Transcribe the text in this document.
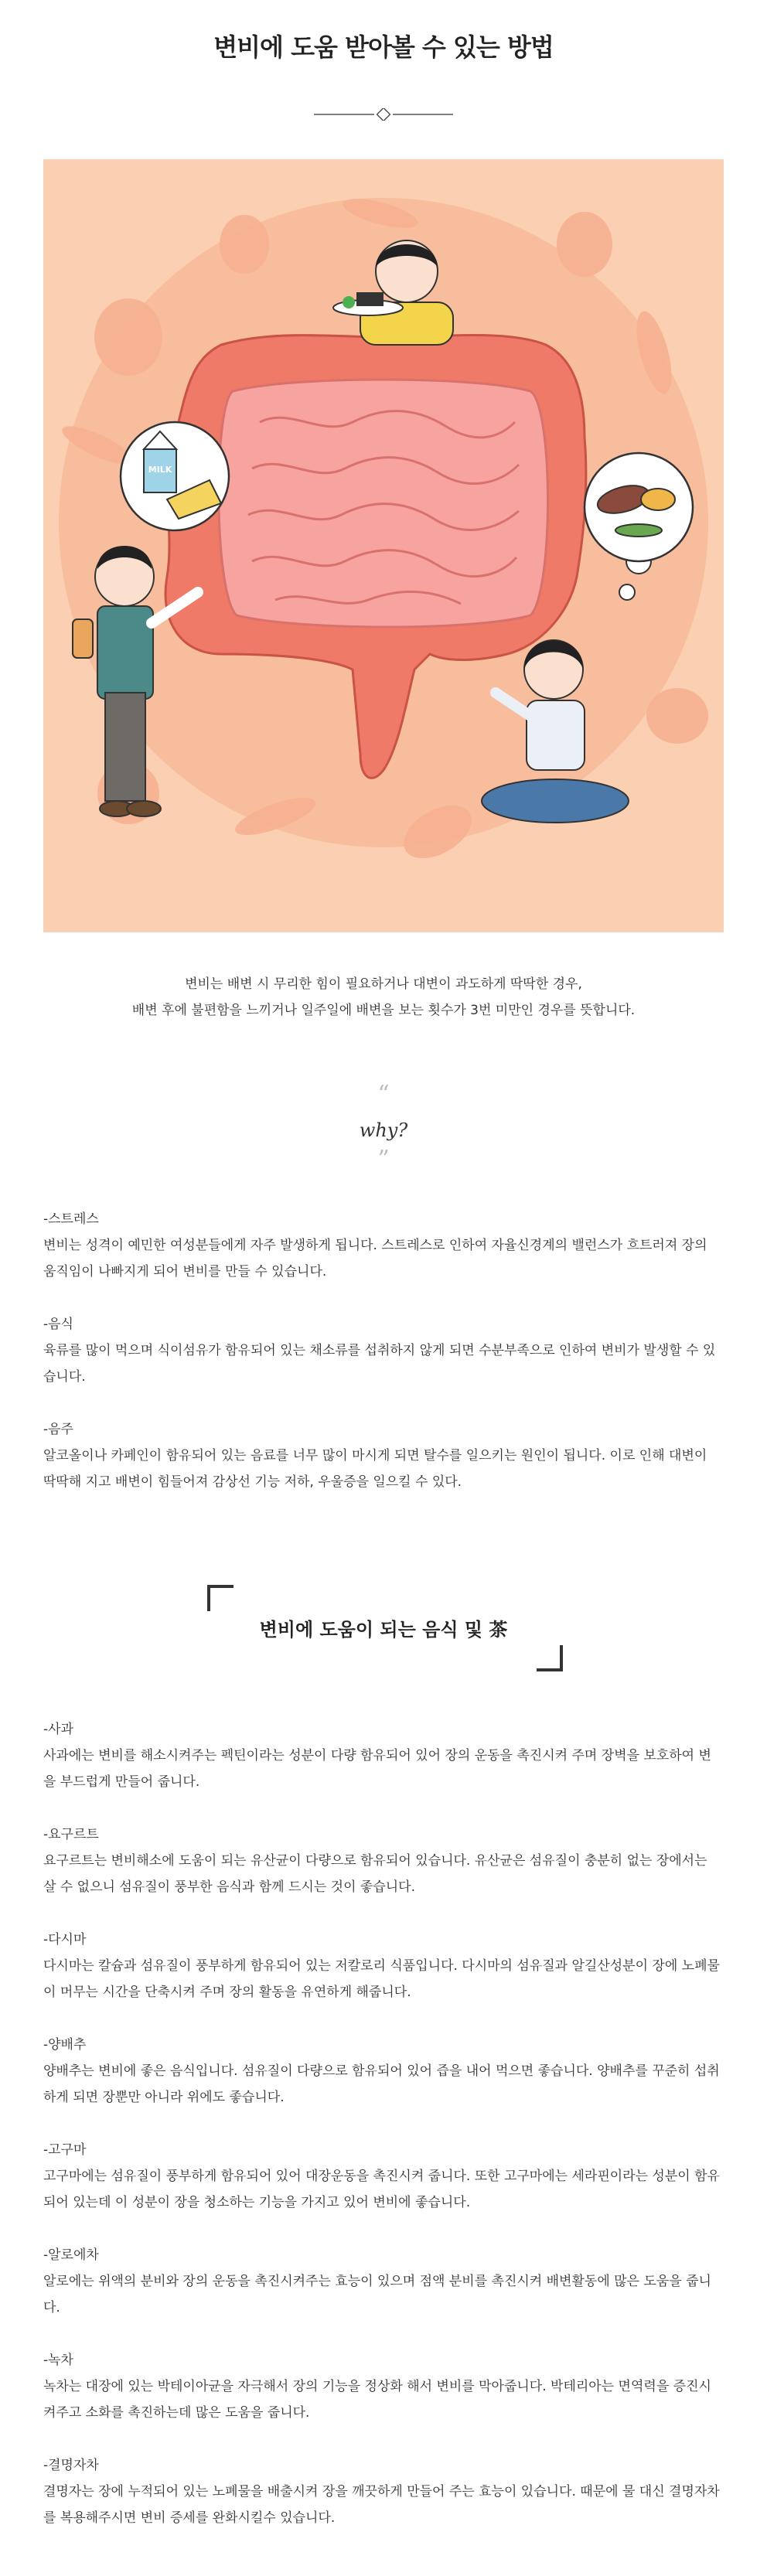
변비에 도움 받아볼 수 있는 방법
MILK
변비는 배변 시 무리한 힘이 필요하거나 대변이 과도하게 딱딱한 경우,
배변 후에 불편함을 느끼거나 일주일에 배변을 보는 횟수가 3번 미만인 경우를 뜻합니다.
“
why?
”
-스트레스
변비는 성격이 예민한 여성분들에게 자주 발생하게 됩니다. 스트레스로 인하여 자율신경계의 밸런스가 흐트러져 장의 움직임이 나빠지게 되어 변비를 만들 수 있습니다.
-음식
육류를 많이 먹으며 식이섬유가 함유되어 있는 채소류를 섭취하지 않게 되면 수분부족으로 인하여 변비가 발생할 수 있습니다.
-음주
알코올이나 카페인이 함유되어 있는 음료를 너무 많이 마시게 되면 탈수를 일으키는 원인이 됩니다. 이로 인해 대변이 딱딱해 지고 배변이 힘들어져 감상선 기능 저하, 우울증을 일으킬 수 있다.
변비에 도움이 되는 음식 및 茶
-사과
사과에는 변비를 해소시켜주는 펙틴이라는 성분이 다량 함유되어 있어 장의 운동을 촉진시켜 주며 장벽을 보호하여 변을 부드럽게 만들어 줍니다.
-요구르트
요구르트는 변비해소에 도움이 되는 유산균이 다량으로 함유되어 있습니다. 유산균은 섬유질이 충분히 없는 장에서는 살 수 없으니 섬유질이 풍부한 음식과 함께 드시는 것이 좋습니다.
-다시마
다시마는 칼슘과 섬유질이 풍부하게 함유되어 있는 저칼로리 식품입니다. 다시마의 섬유질과 알길산성분이 장에 노폐물이 머무는 시간을 단축시켜 주며 장의 활동을 유연하게 해줍니다.
-양배추
양배추는 변비에 좋은 음식입니다. 섬유질이 다량으로 함유되어 있어 즙을 내어 먹으면 좋습니다. 양배추를 꾸준히 섭취하게 되면 장뿐만 아니라 위에도 좋습니다.
-고구마
고구마에는 섬유질이 풍부하게 함유되어 있어 대장운동을 촉진시켜 줍니다. 또한 고구마에는 세라핀이라는 성분이 함유되어 있는데 이 성분이 장을 청소하는 기능을 가지고 있어 변비에 좋습니다.
-알로에차
알로에는 위액의 분비와 장의 운동을 촉진시켜주는 효능이 있으며 점액 분비를 촉진시켜 배변활동에 많은 도움을 줍니다.
-녹차
녹차는 대장에 있는 박테이아균을 자극해서 장의 기능을 정상화 해서 변비를 막아줍니다. 박테리아는 면역력을 증진시켜주고 소화를 촉진하는데 많은 도움을 줍니다.
-결명자차
결명자는 장에 누적되어 있는 노폐물을 배출시켜 장을 깨끗하게 만들어 주는 효능이 있습니다. 때문에 물 대신 결명자차를 복용해주시면 변비 증세를 완화시킬수 있습니다.
